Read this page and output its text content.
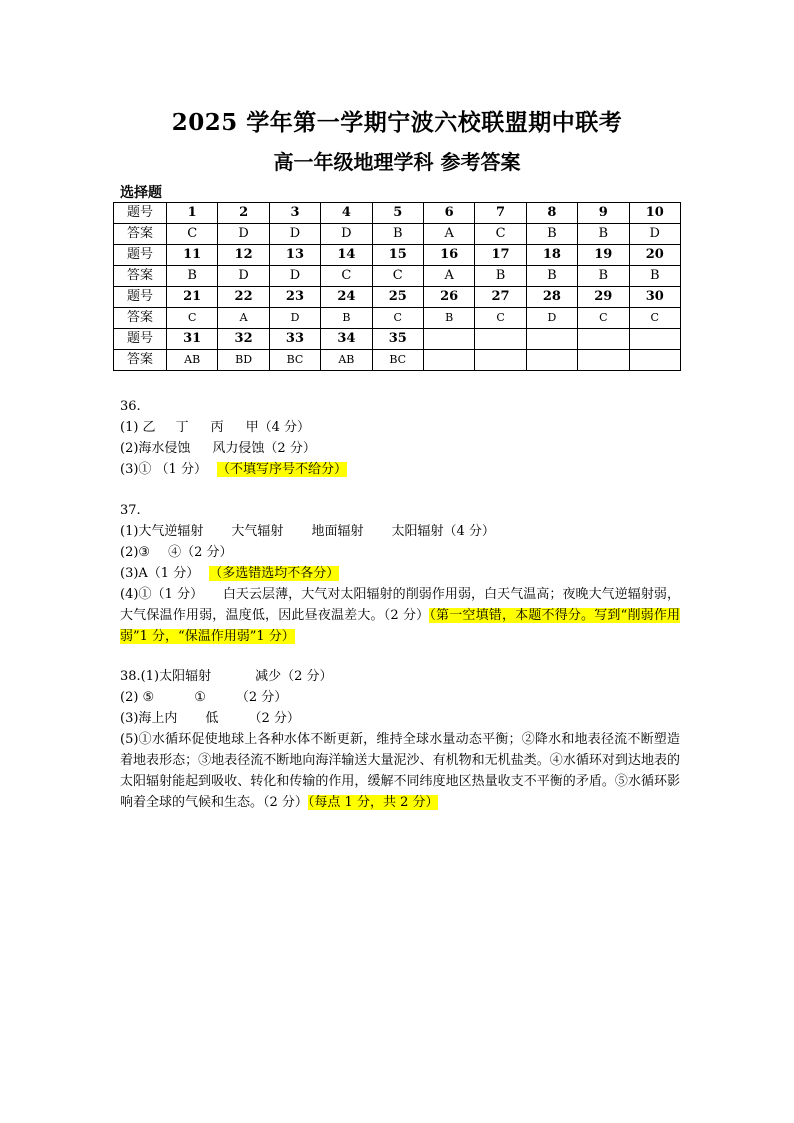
2025 学年第一学期宁波六校联盟期中联考
高一年级地理学科 参考答案
选择题
题号	1	2	3	4	5	6	7	8	9	10
答案	C	D	D	D	B	A	C	B	B	D
题号	11	12	13	14	15	16	17	18	19	20
答案	B	D	D	C	C	A	B	B	B	B
题号	21	22	23	24	25	26	27	28	29	30
答案	C	A	D	B	C	B	C	D	C	C
题号	31	32	33	34	35					
答案	AB	BD	BC	AB	BC					
36.
(1) 乙 丁 丙 甲（4 分）
(2)海水侵蚀 风力侵蚀（2 分）
(3)① （1 分） （不填写序号不给分）
37.
(1)大气逆辐射 大气辐射 地面辐射 太阳辐射（4 分）
(2)③ ④（2 分）
(3)A（1 分） （多选错选均不各分）
(4)①（1 分）　　白天云层薄，大气对太阳辐射的削弱作用弱，白天气温高；夜晚大气逆辐射弱，大气保温作用弱，温度低，因此昼夜温差大。（2 分）（第一空填错，本题不得分。写到“削弱作用弱”1 分，“保温作用弱”1 分）
38.(1)太阳辐射	减少（2 分）
(2) ⑤	① （2 分）
(3)海上内 低 （2 分）
(5)①水循环促使地球上各种水体不断更新，维持全球水量动态平衡；②降水和地表径流不断塑造着地表形态；③地表径流不断地向海洋输送大量泥沙、有机物和无机盐类。④水循环对到达地表的太阳辐射能起到吸收、转化和传输的作用，缓解不同纬度地区热量收支不平衡的矛盾。⑤水循环影响着全球的气候和生态。（2 分）（每点 1 分，共 2 分）
